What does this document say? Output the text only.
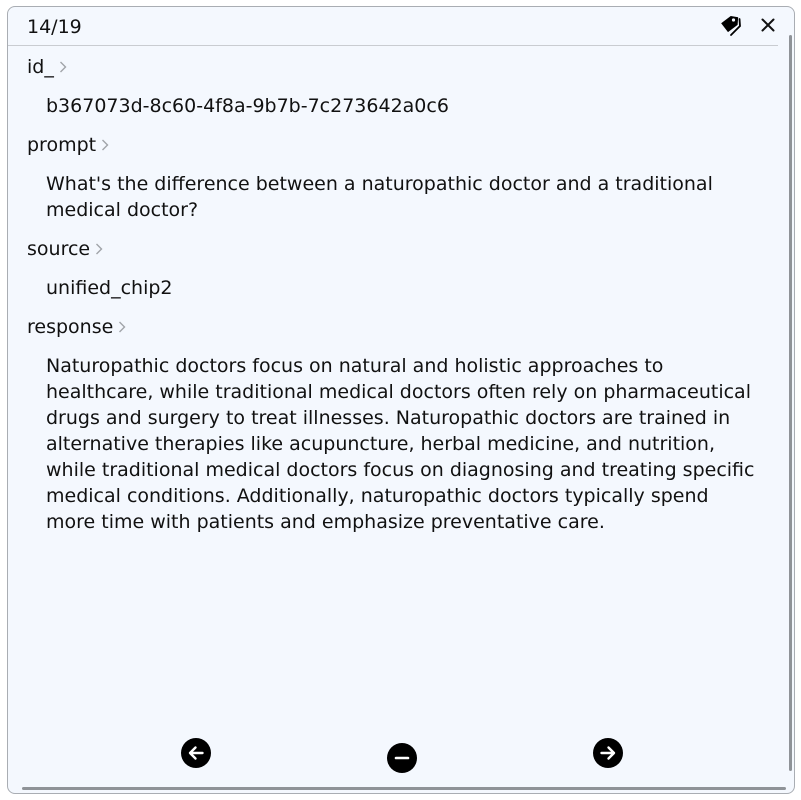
14/19
id_
b367073d-8c60-4f8a-9b7b-7c273642a0c6
prompt
What's the difference between a naturopathic doctor and a traditional medical doctor?
source
unified_chip2
response
Naturopathic doctors focus on natural and holistic approaches to healthcare, while traditional medical doctors often rely on pharmaceutical drugs and surgery to treat illnesses. Naturopathic doctors are trained in alternative therapies like acupuncture, herbal medicine, and nutrition, while traditional medical doctors focus on diagnosing and treating specific medical conditions. Additionally, naturopathic doctors typically spend more time with patients and emphasize preventative care.
